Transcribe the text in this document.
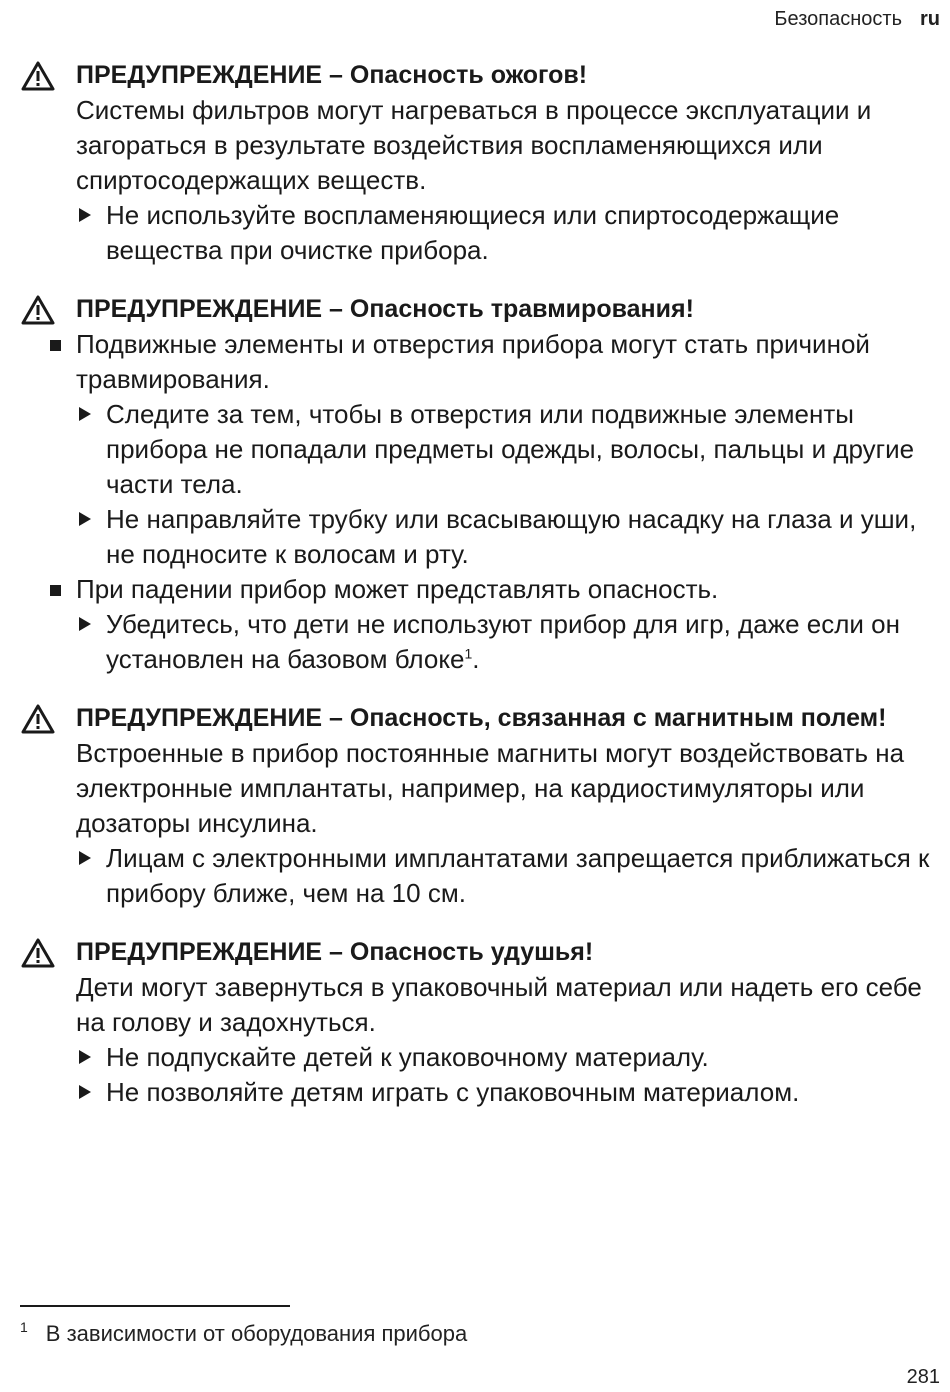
Безопасность ru

ПРЕДУПРЕЖДЕНИЕ – Опасность ожогов!

Системы фильтров могут нагреваться в процессе эксплуатации и загораться в результате воздействия воспламеняющихся или спиртосодержащих веществ.

Не используйте воспламеняющиеся или спиртосодержащие вещества при очистке прибора.

ПРЕДУПРЕЖДЕНИЕ – Опасность травмирования!

Подвижные элементы и отверстия прибора могут стать причиной травмирования.

Следите за тем, чтобы в отверстия или подвижные элементы прибора не попадали предметы одежды, волосы, пальцы и другие части тела.

Не направляйте трубку или всасывающую насадку на глаза и уши, не подносите к волосам и рту.

При падении прибор может представлять опасность.

Убедитесь, что дети не используют прибор для игр, даже если он установлен на базовом блоке$^1$.

ПРЕДУПРЕЖДЕНИЕ – Опасность, связанная с магнитным полем!

Встроенные в прибор постоянные магниты могут воздействовать на электронные имплантаты, например, на кардиостимуляторы или дозаторы инсулина.

Лицам с электронными имплантатами запрещается приближаться к прибору ближе, чем на 10 см.

ПРЕДУПРЕЖДЕНИЕ – Опасность удушья!

Дети могут завернуться в упаковочный материал или надеть его себе на голову и задохнуться.

Не подпускайте детей к упаковочному материалу.

Не позволяйте детям играть с упаковочным материалом.

$^1$ В зависимости от оборудования прибора
281
